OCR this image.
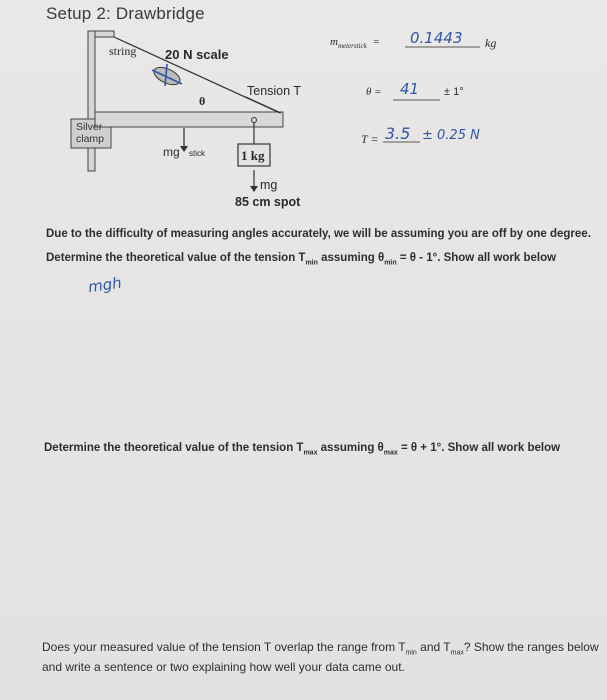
Setup 2: Drawbridge
string 20 N scale
θ
Tension T
Silver
clamp
mg stick	1 kg
mg
85 cm spot
$m_{meterstick} = 0.1443$ kg
θ = 41 ± 1°
T = 3.5 ± 0.25 N
Due to the difficulty of measuring angles accurately, we will be assuming you are off by one degree.
Determine the theoretical value of the tension $T_{min}$ assuming $\theta_{min} = \theta - 1^\circ$. Show all work below
mgh
Determine the theoretical value of the tension $T_{max}$ assuming $\theta_{max} = \theta + 1^\circ$. Show all work below
Does your measured value of the tension T overlap the range from $T_{min}$ and $T_{max}$? Show the ranges below
and write a sentence or two explaining how well your data came out.
